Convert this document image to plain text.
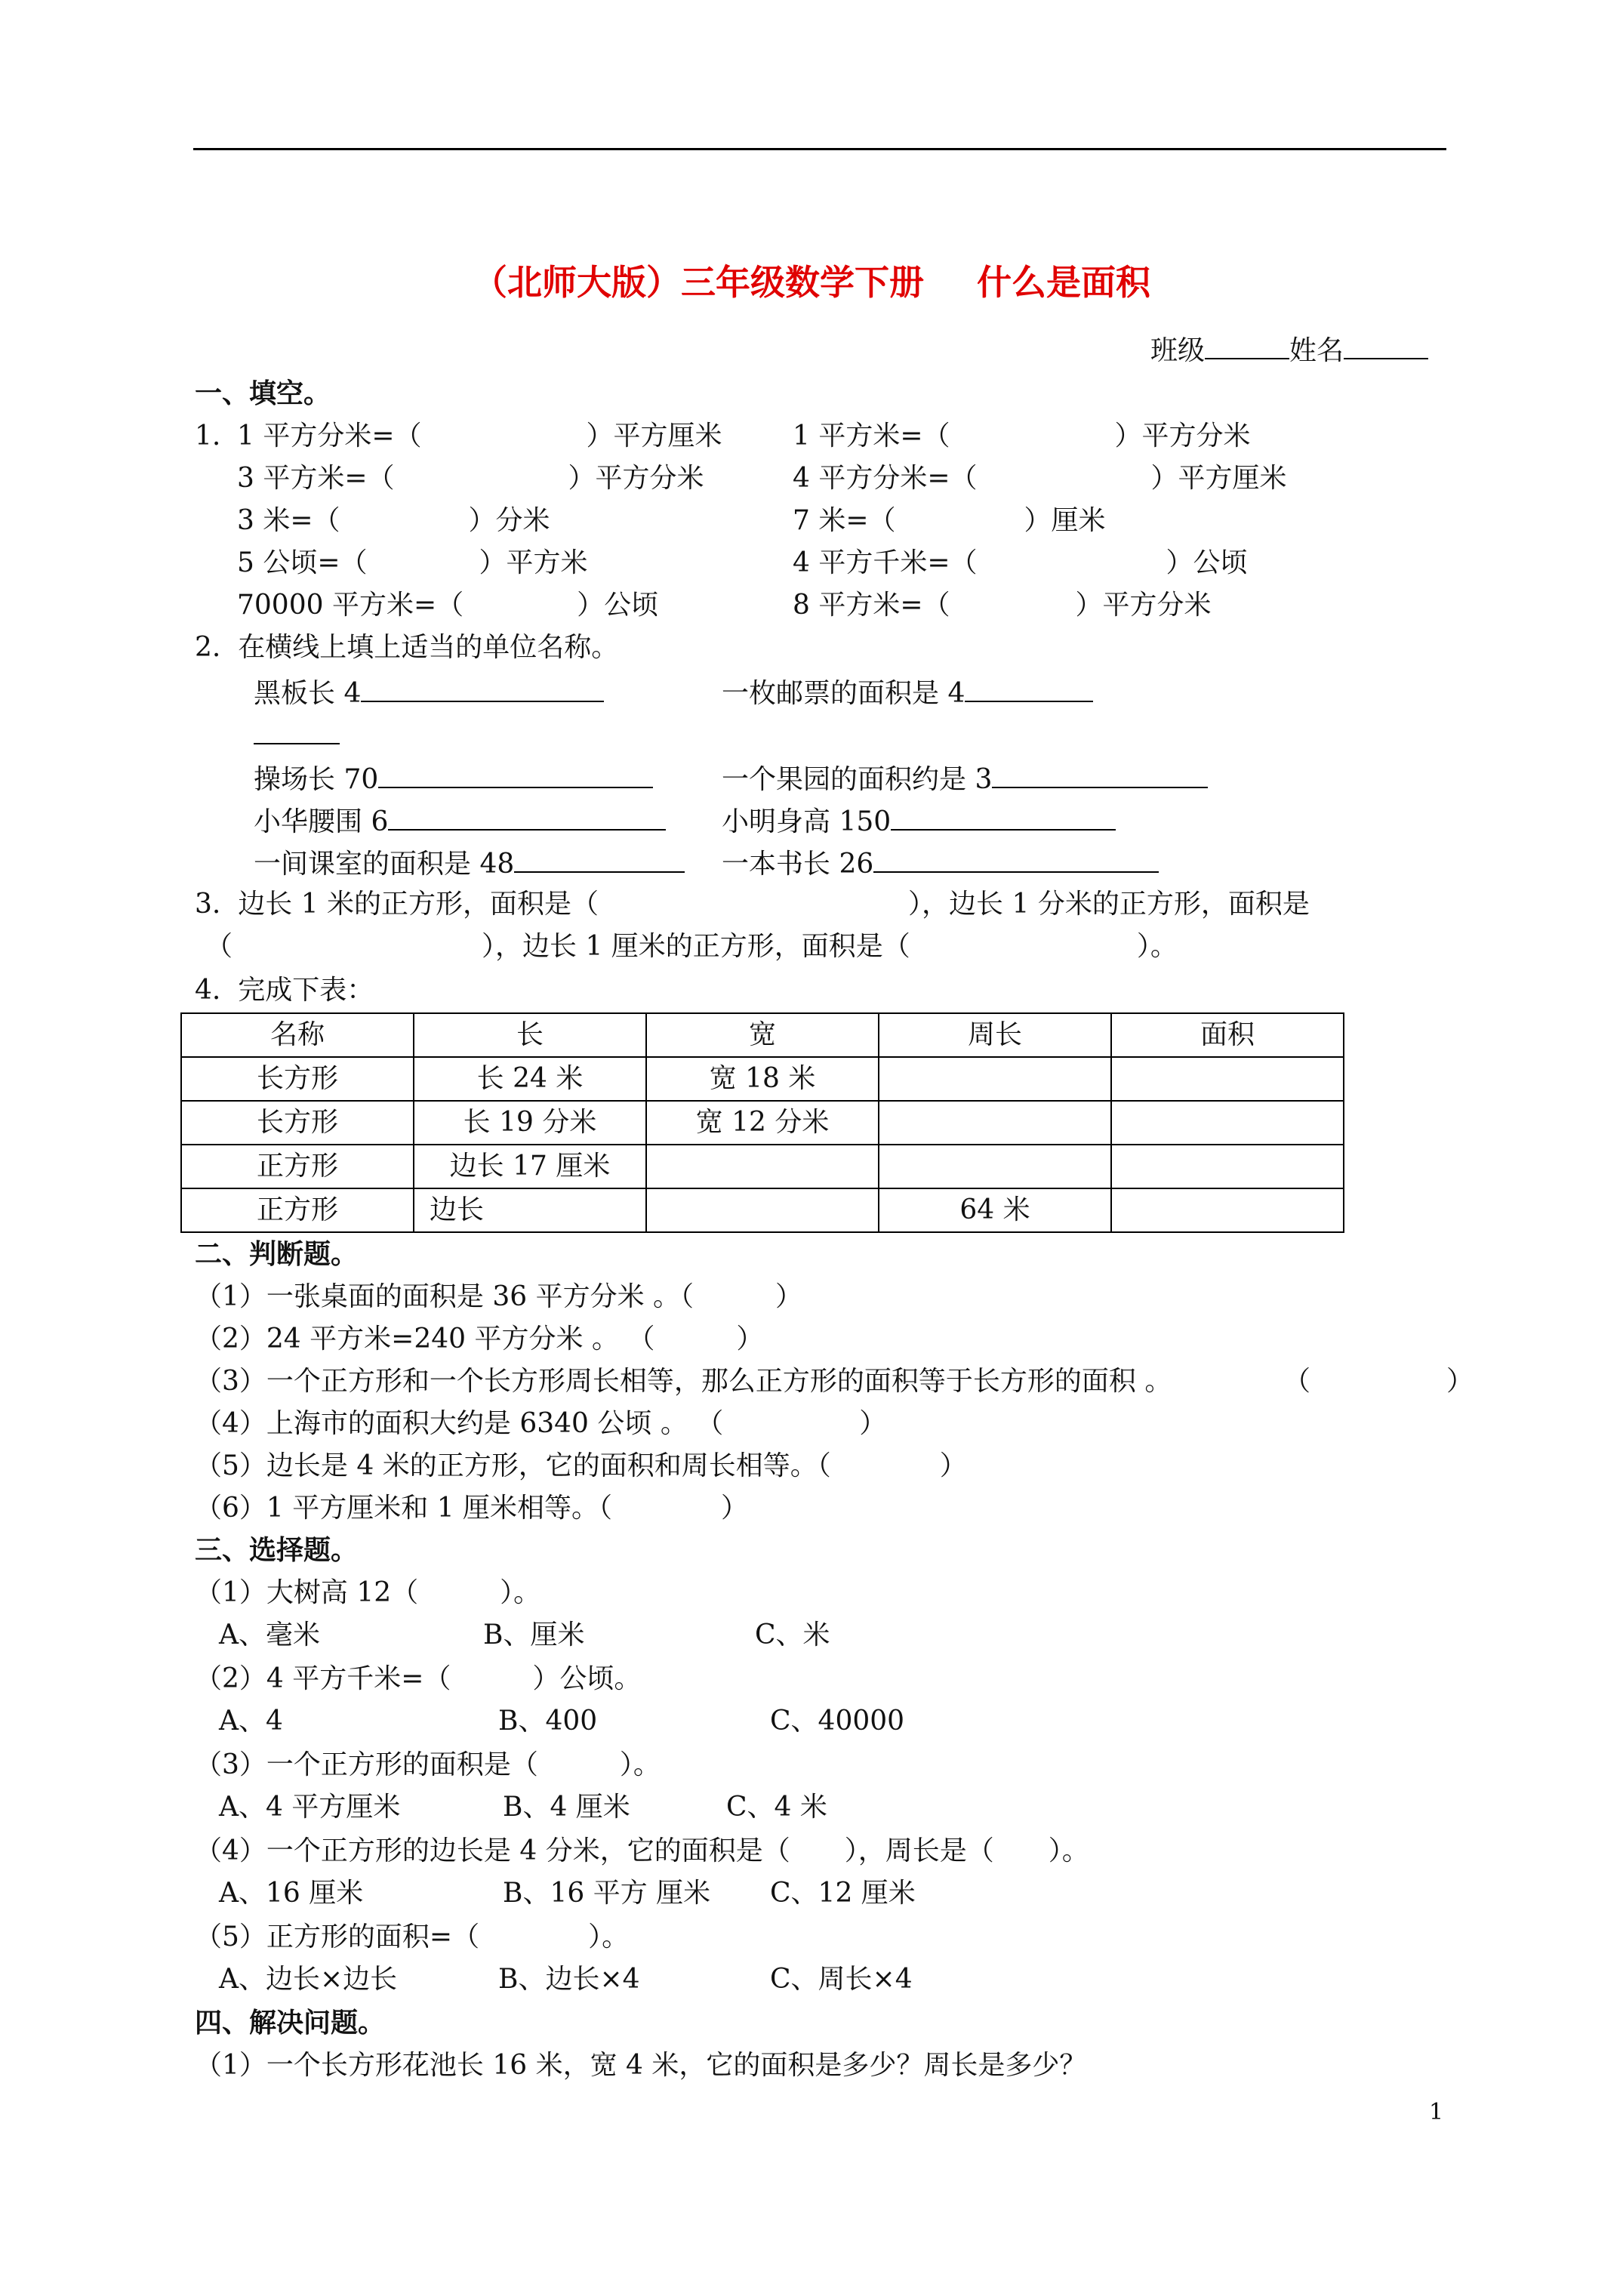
（北师大版）三年级数学下册 什么是面积
班级	姓名
一、填空。
1. 1 平方分米=（	）平方厘米	1 平方米=（	）平方分米
3 平方米=（	）平方分米	4 平方分米=（	）平方厘米
3 米=（	）分米	7 米=（	）厘米
5 公顷=（	）平方米	4 平方千米=（	）公顷
70000 平方米=（	）公顷	8 平方米=（	）平方分米
2. 在横线上填上适当的单位名称。
黑板长 4	一枚邮票的面积是 4
操场长 70	一个果园的面积约是 3
小华腰围 6	小明身高 150
一间课室的面积是 48	一本书长 26
3. 边长 1 米的正方形，面积是（	），边长 1 分米的正方形，面积是
（	），边长 1 厘米的正方形，面积是（	）。
4. 完成下表：
名称	长	宽	周长	面积
长方形	长 24 米	宽 18 米		
长方形	长 19 分米	宽 12 分米		
正方形	边长 17 厘米			
正方形	边长		64 米	
二、判断题。
（1）一张桌面的面积是 36 平方分米 。（　　　）
（2）24 平方米=240 平方分米 。 （　　　）
（3）一个正方形和一个长方形周长相等，那么正方形的面积等于长方形的面积 。	（　　　　　）
（4）上海市的面积大约是 6340 公顷 。 （　　　　　）
（5）边长是 4 米的正方形，它的面积和周长相等。（　　　　）
（6）1 平方厘米和 1 厘米相等。（　　　　）
三、选择题。
（1）大树高 12（　　　）。
A、毫米	B、厘米	C、米
（2）4 平方千米=（　　　）公顷。
A、4	B、400	C、40000
（3）一个正方形的面积是（　　　）。
A、4 平方厘米	B、4 厘米	C、4 米
（4）一个正方形的边长是 4 分米，它的面积是（　　），周长是（　　）。
A、16 厘米	B、16 平方 厘米 C、12 厘米
（5）正方形的面积=（　　　　）。
A、边长×边长	B、边长×4	C、周长×4
四、解决问题。
（1）一个长方形花池长 16 米，宽 4 米，它的面积是多少？周长是多少？
1
